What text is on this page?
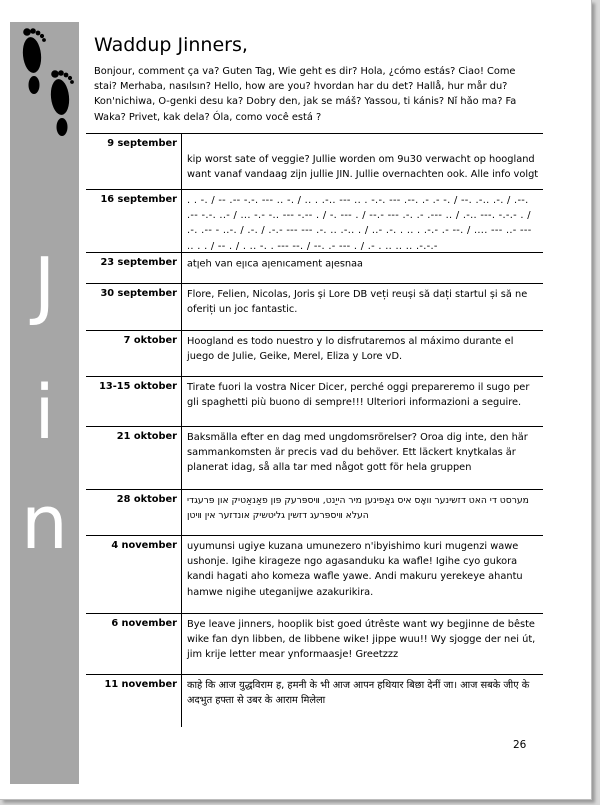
J
i
n
Waddup Jinners,
Bonjour, comment ça va? Guten Tag, Wie geht es dir? Hola, ¿cómo estás? Ciao! Come stai? Merhaba, nasılsın? Hello, how are you? hvordan har du det? Hallå, hur mår du? Kon'nichiwa, O-genki desu ka? Dobry den, jak se máš? Yassou, ti kánis? Nǐ hǎo ma? Fa Waka? Privet, kak dela? Óla, como você está ?
9 september
kip worst sate of veggie? Jullie worden om 9u30 verwacht op hoogland want vanaf vandaag zijn jullie JIN. Jullie overnachten ook. Alle info volgt
16 september . . -. / -- .-- -.-. --- .. -. / .. . .-.. --- .. . -.-. --- .--. .- .- -. / --. .-.. .-. / .--. .-- -.-. ..- / ... -.- -.. --- -.-- . / -. --- . / --.- --- .-. .- .--- .. / .-.. ---. -.-.- . / .-. .-- - ..-. / .-. / .-.- --- --- .-. .. .-.. . / ..- .-. . .. . .-.- .- --. / .... --- ..- --- .. . . / -- . / . .. -. . --- --. / --. .- --- . / .- . .. .. .. .-.-.-
23 september ɐɐusǝlɐ ʇuǝɯɐɔıuǝlɐ ɐɔılǝ uɐʌ ɥǝlʇɐ
30 september Flore, Felien, Nicolas, Joris și Lore DB veți reuși să dați startul și să ne oferiți un joc fantastic.
7 oktober Hoogland es todo nuestro y lo disfrutaremos al máximo durante el juego de Julie, Geike, Merel, Eliza y Lore vD.
13-15 oktober Tirate fuori la vostra Nicer Dicer, perché oggi prepareremo il sugo per gli spaghetti più buono di sempre!!! Ulteriori informazioni a seguire.
21 oktober Baksmälla efter en dag med ungdomsrörelser? Oroa dig inte, den här sammankomsten är precis vad du behöver. Ett läckert knytkalas är planerat idag, så alla tar med något gott för hela gruppen
28 oktober מערסט די האט דזשינער וואָס איס גאַפינען מיר הייַנט, װיספּרעק פּון פאַנאַטיק און פּרעגדי העלא װיספּרעג דזשין גליטשיק אונדזער אין װיטן
4 november uyumunsi ugiye kuzana umunezero n'ibyishimo kuri mugenzi wawe ushonje. Igihe kirageze ngo agasanduku ka wafle! Igihe cyo gukora kandi hagati aho komeza wafle yawe. Andi makuru yerekeye ahantu hamwe nigihe uteganijwe azakurikira.
6 november Bye leave jinners, hooplik bist goed útrêste want wy begjinne de bêste wike fan dyn libben, de libbene wike! jippe wuu!! Wy sjogge der nei út, jim krije letter mear ynformaasje! Greetzzz
11 november काहे कि आज युद्धविराम ह, हमनी के भी आज आपन हथियार बिछा देनीं जा। आज सबके जीए के अदभुत हफ्ता से उबर के आराम मिलेला
26
